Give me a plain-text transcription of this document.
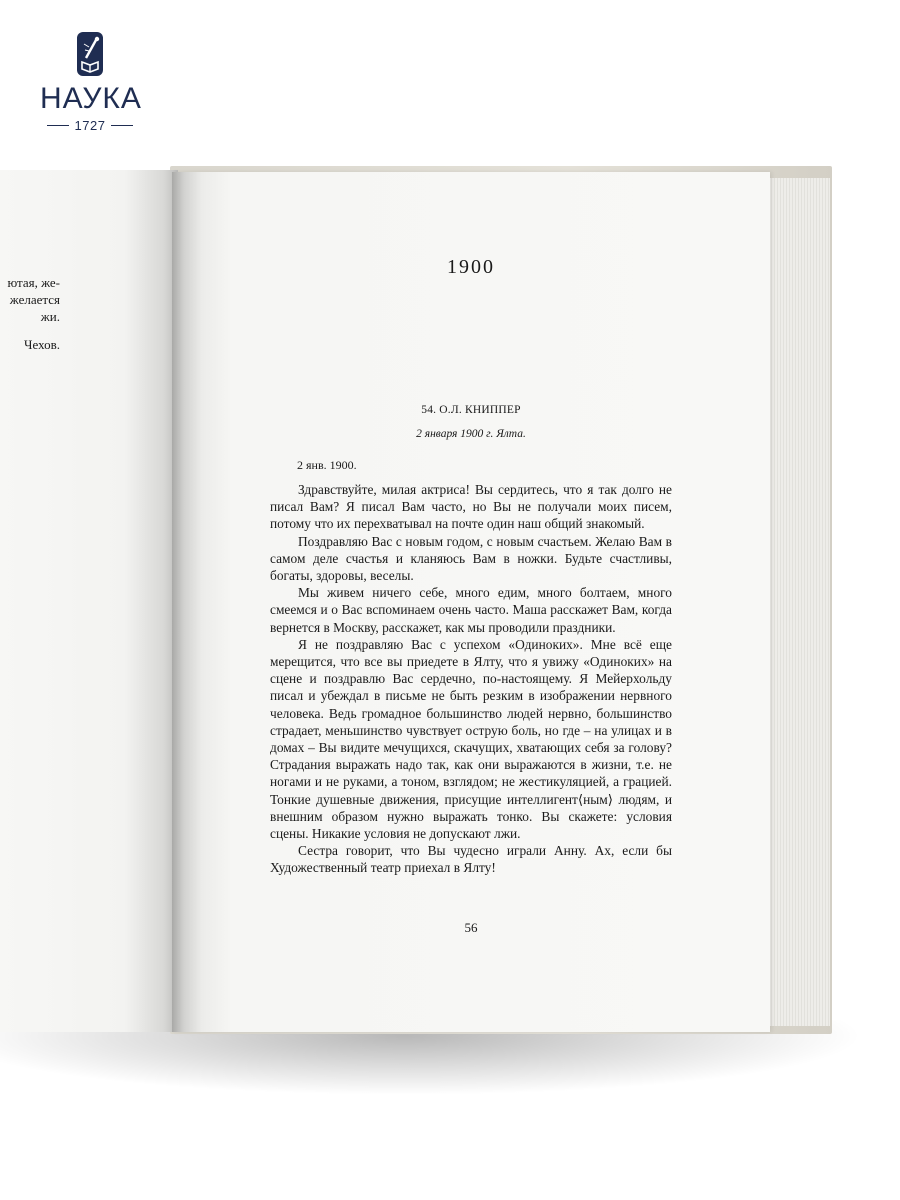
НАУКА
1727
ютая, же-
желается
жи.
Чехов.
1900
54. О.Л. КНИППЕР
2 января 1900 г. Ялта.
2 янв. 1900.

Здравствуйте, милая актриса! Вы сердитесь, что я так долго не писал Вам? Я писал Вам часто, но Вы не получали моих писем, потому что их перехватывал на почте один наш общий знакомый.

Поздравляю Вас с новым годом, с новым счастьем. Желаю Вам в самом деле счастья и кланяюсь Вам в ножки. Будьте счастливы, богаты, здоровы, веселы.

Мы живем ничего себе, много едим, много болтаем, много смеемся и о Вас вспоминаем очень часто. Маша расскажет Вам, когда вернется в Москву, расскажет, как мы проводили праздники.

Я не поздравляю Вас с успехом «Одиноких». Мне всё еще мерещится, что все вы приедете в Ялту, что я увижу «Одиноких» на сцене и поздравлю Вас сердечно, по-настоящему. Я Мейерхольду писал и убеждал в письме не быть резким в изображении нервного человека. Ведь громадное большинство людей нервно, большинство страдает, меньшинство чувствует острую боль, но где – на улицах и в домах – Вы видите мечущихся, скачущих, хватающих себя за голову? Страдания выражать надо так, как они выражаются в жизни, т.е. не ногами и не руками, а тоном, взглядом; не жестикуляцией, а грацией. Тонкие душевные движения, присущие интеллигент⟨ным⟩ людям, и внешним образом нужно выражать тонко. Вы скажете: условия сцены. Никакие условия не допускают лжи.

Сестра говорит, что Вы чудесно играли Анну. Ах, если бы Художественный театр приехал в Ялту!

56
